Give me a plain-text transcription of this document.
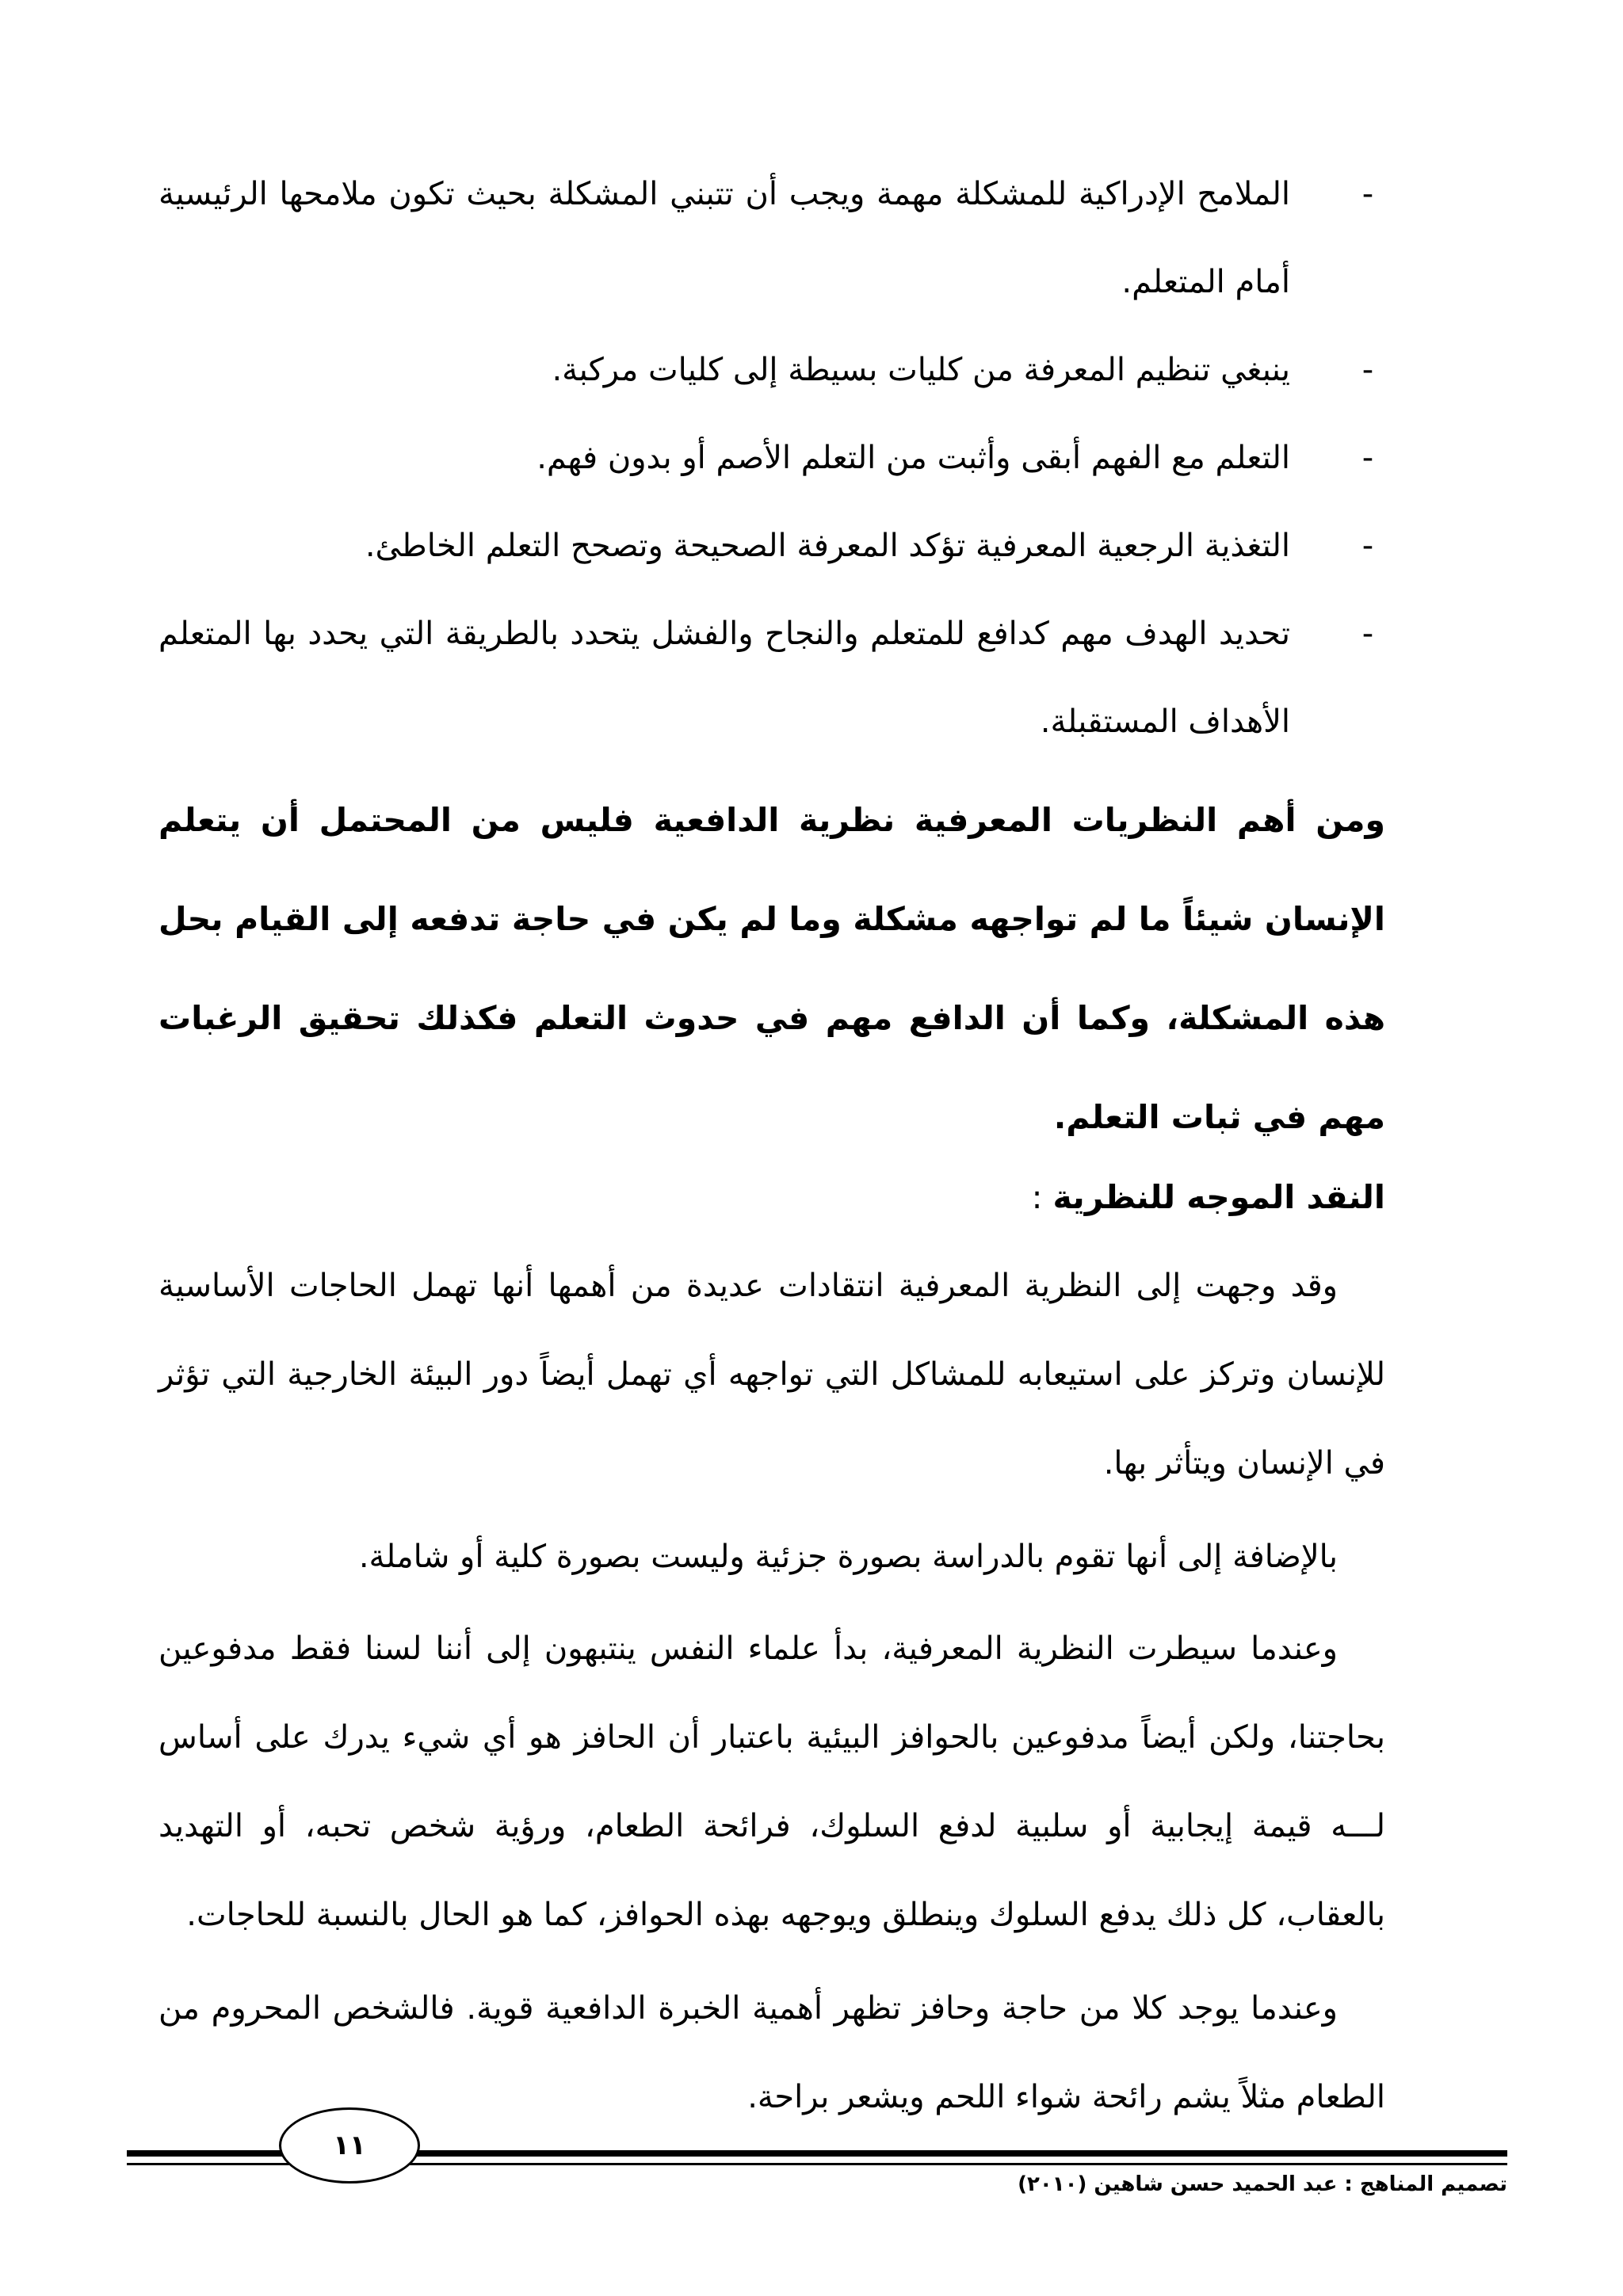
-
الملامح الإدراكية للمشكلة مهمة ويجب أن تتبني المشكلة بحيث تكون ملامحها الرئيسية أمام المتعلم.
-
ينبغي تنظيم المعرفة من كليات بسيطة إلى كليات مركبة.
-
التعلم مع الفهم أبقى وأثبت من التعلم الأصم أو بدون فهم.
-
التغذية الرجعية المعرفية تؤكد المعرفة الصحيحة وتصحح التعلم الخاطئ.
-
تحديد الهدف مهم كدافع للمتعلم والنجاح والفشل يتحدد بالطريقة التي يحدد بها المتعلم الأهداف المستقبلة.

ومن أهم النظريات المعرفية نظرية الدافعية فليس من المحتمل أن يتعلم الإنسان شيئاً ما لم تواجهه مشكلة وما لم يكن في حاجة تدفعه إلى القيام بحل هذه المشكلة، وكما أن الدافع مهم في حدوث التعلم فكذلك تحقيق الرغبات مهم في ثبات التعلم.

النقد الموجه للنظرية :

وقد وجهت إلى النظرية المعرفية انتقادات عديدة من أهمها أنها تهمل الحاجات الأساسية للإنسان وتركز على استيعابه للمشاكل التي تواجهه أي تهمل أيضاً دور البيئة الخارجية التي تؤثر في الإنسان ويتأثر بها.

بالإضافة إلى أنها تقوم بالدراسة بصورة جزئية وليست بصورة كلية أو شاملة.

وعندما سيطرت النظرية المعرفية، بدأ علماء النفس ينتبهون إلى أننا لسنا فقط مدفوعين بحاجتنا، ولكن أيضاً مدفوعين بالحوافز البيئية باعتبار أن الحافز هو أي شيء يدرك على أساس لـــه قيمة إيجابية أو سلبية لدفع السلوك، فرائحة الطعام، ورؤية شخص تحبه، أو التهديد بالعقاب، كل ذلك يدفع السلوك وينطلق ويوجهه بهذه الحوافز، كما هو الحال بالنسبة للحاجات.

وعندما يوجد كلا من حاجة وحافز تظهر أهمية الخبرة الدافعية قوية. فالشخص المحروم من الطعام مثلاً يشم رائحة شواء اللحم ويشعر براحة.

١١
تصميم المناهج : عبد الحميد حسن شاهين (٢٠١٠)
